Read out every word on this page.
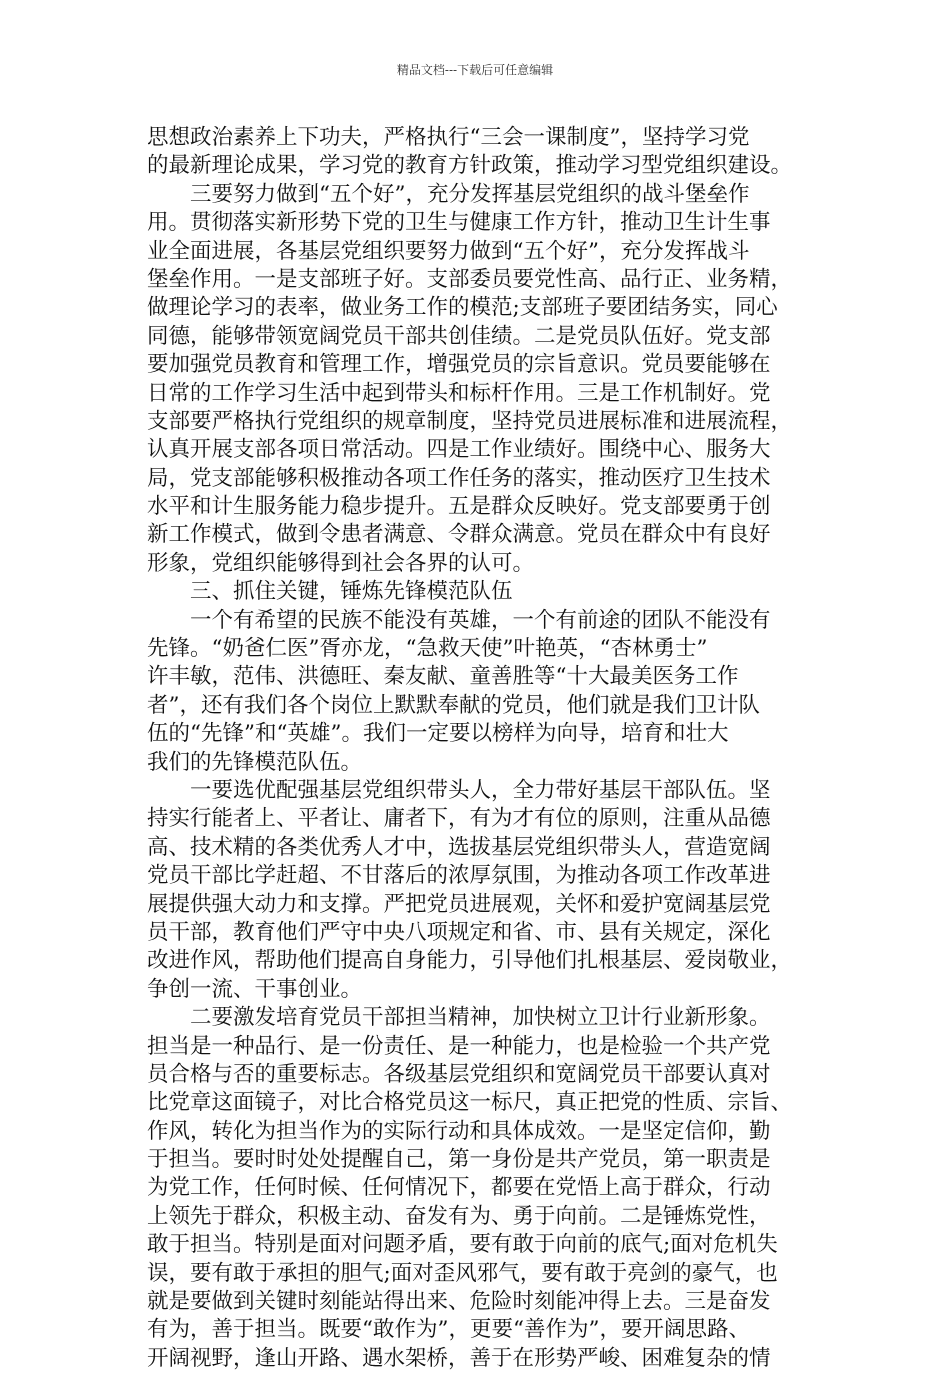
精品文档---下载后可任意编辑
思想政治素养上下功夫，严格执行“三会一课制度”，坚持学习党
的最新理论成果，学习党的教育方针政策，推动学习型党组织建设。
　　三要努力做到“五个好”，充分发挥基层党组织的战斗堡垒作
用。贯彻落实新形势下党的卫生与健康工作方针，推动卫生计生事
业全面进展，各基层党组织要努力做到“五个好”，充分发挥战斗
堡垒作用。一是支部班子好。支部委员要党性高、品行正、业务精，
做理论学习的表率，做业务工作的模范;支部班子要团结务实，同心
同德，能够带领宽阔党员干部共创佳绩。二是党员队伍好。党支部
要加强党员教育和管理工作，增强党员的宗旨意识。党员要能够在
日常的工作学习生活中起到带头和标杆作用。三是工作机制好。党
支部要严格执行党组织的规章制度，坚持党员进展标准和进展流程，
认真开展支部各项日常活动。四是工作业绩好。围绕中心、服务大
局，党支部能够积极推动各项工作任务的落实，推动医疗卫生技术
水平和计生服务能力稳步提升。五是群众反映好。党支部要勇于创
新工作模式，做到令患者满意、令群众满意。党员在群众中有良好
形象，党组织能够得到社会各界的认可。
　　三、抓住关键，锤炼先锋模范队伍
　　一个有希望的民族不能没有英雄，一个有前途的团队不能没有
先锋。“奶爸仁医”胥亦龙，“急救天使”叶艳英，“杏林勇士”
许丰敏，范伟、洪德旺、秦友献、童善胜等“十大最美医务工作
者”，还有我们各个岗位上默默奉献的党员，他们就是我们卫计队
伍的“先锋”和“英雄”。我们一定要以榜样为向导，培育和壮大
我们的先锋模范队伍。
　　一要选优配强基层党组织带头人，全力带好基层干部队伍。坚
持实行能者上、平者让、庸者下，有为才有位的原则，注重从品德
高、技术精的各类优秀人才中，选拔基层党组织带头人，营造宽阔
党员干部比学赶超、不甘落后的浓厚氛围，为推动各项工作改革进
展提供强大动力和支撑。严把党员进展观，关怀和爱护宽阔基层党
员干部，教育他们严守中央八项规定和省、市、县有关规定，深化
改进作风，帮助他们提高自身能力，引导他们扎根基层、爱岗敬业，
争创一流、干事创业。
　　二要激发培育党员干部担当精神，加快树立卫计行业新形象。
担当是一种品行、是一份责任、是一种能力，也是检验一个共产党
员合格与否的重要标志。各级基层党组织和宽阔党员干部要认真对
比党章这面镜子，对比合格党员这一标尺，真正把党的性质、宗旨、
作风，转化为担当作为的实际行动和具体成效。一是坚定信仰，勤
于担当。要时时处处提醒自己，第一身份是共产党员，第一职责是
为党工作，任何时候、任何情况下，都要在党悟上高于群众，行动
上领先于群众，积极主动、奋发有为、勇于向前。二是锤炼党性，
敢于担当。特别是面对问题矛盾，要有敢于向前的底气;面对危机失
误，要有敢于承担的胆气;面对歪风邪气，要有敢于亮剑的豪气，也
就是要做到关键时刻能站得出来、危险时刻能冲得上去。三是奋发
有为，善于担当。既要“敢作为”，更要“善作为”，要开阔思路、
开阔视野，逢山开路、遇水架桥，善于在形势严峻、困难复杂的情
